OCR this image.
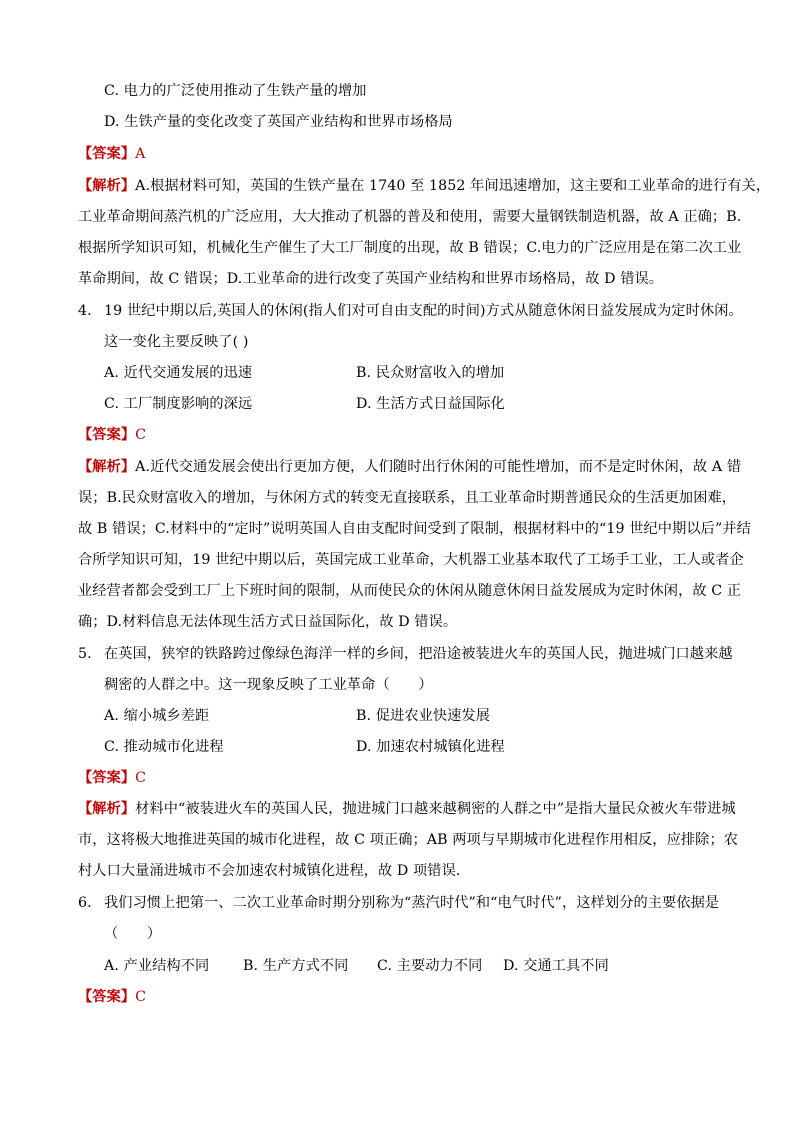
C. 电力的广泛使用推动了生铁产量的增加
D. 生铁产量的变化改变了英国产业结构和世界市场格局
【答案】A
【解析】A.根据材料可知，英国的生铁产量在 1740 至 1852 年间迅速增加，这主要和工业革命的进行有关，
工业革命期间蒸汽机的广泛应用，大大推动了机器的普及和使用，需要大量钢铁制造机器，故 A 正确；B.
根据所学知识可知，机械化生产催生了大工厂制度的出现，故 B 错误；C.电力的广泛应用是在第二次工业
革命期间，故 C 错误；D.工业革命的进行改变了英国产业结构和世界市场格局，故 D 错误。
4. 19 世纪中期以后,英国人的休闲(指人们对可自由支配的时间)方式从随意休闲日益发展成为定时休闲。
这一变化主要反映了( )
A. 近代交通发展的迅速	B. 民众财富收入的增加
C. 工厂制度影响的深远	D. 生活方式日益国际化
【答案】C
【解析】A.近代交通发展会使出行更加方便，人们随时出行休闲的可能性增加，而不是定时休闲，故 A 错
误；B.民众财富收入的增加，与休闲方式的转变无直接联系，且工业革命时期普通民众的生活更加困难，
故 B 错误；C.材料中的“定时”说明英国人自由支配时间受到了限制，根据材料中的“19 世纪中期以后”并结
合所学知识可知，19 世纪中期以后，英国完成工业革命，大机器工业基本取代了工场手工业，工人或者企
业经营者都会受到工厂上下班时间的限制，从而使民众的休闲从随意休闲日益发展成为定时休闲，故 C 正
确；D.材料信息无法体现生活方式日益国际化，故 D 错误。
5. 在英国，狭窄的铁路跨过像绿色海洋一样的乡间，把沿途被装进火车的英国人民，抛进城门口越来越
稠密的人群之中。这一现象反映了工业革命（　　）
A. 缩小城乡差距	B. 促进农业快速发展
C. 推动城市化进程	D. 加速农村城镇化进程
【答案】C
【解析】材料中“被装进火车的英国人民，抛进城门口越来越稠密的人群之中”是指大量民众被火车带进城
市，这将极大地推进英国的城市化进程，故 C 项正确；AB 两项与早期城市化进程作用相反，应排除；农
村人口大量涌进城市不会加速农村城镇化进程，故 D 项错误．
6. 我们习惯上把第一、二次工业革命时期分别称为“蒸汽时代”和“电气时代”，这样划分的主要依据是
（　　）
A. 产业结构不同 B. 生产方式不同 C. 主要动力不同 D. 交通工具不同
【答案】C
